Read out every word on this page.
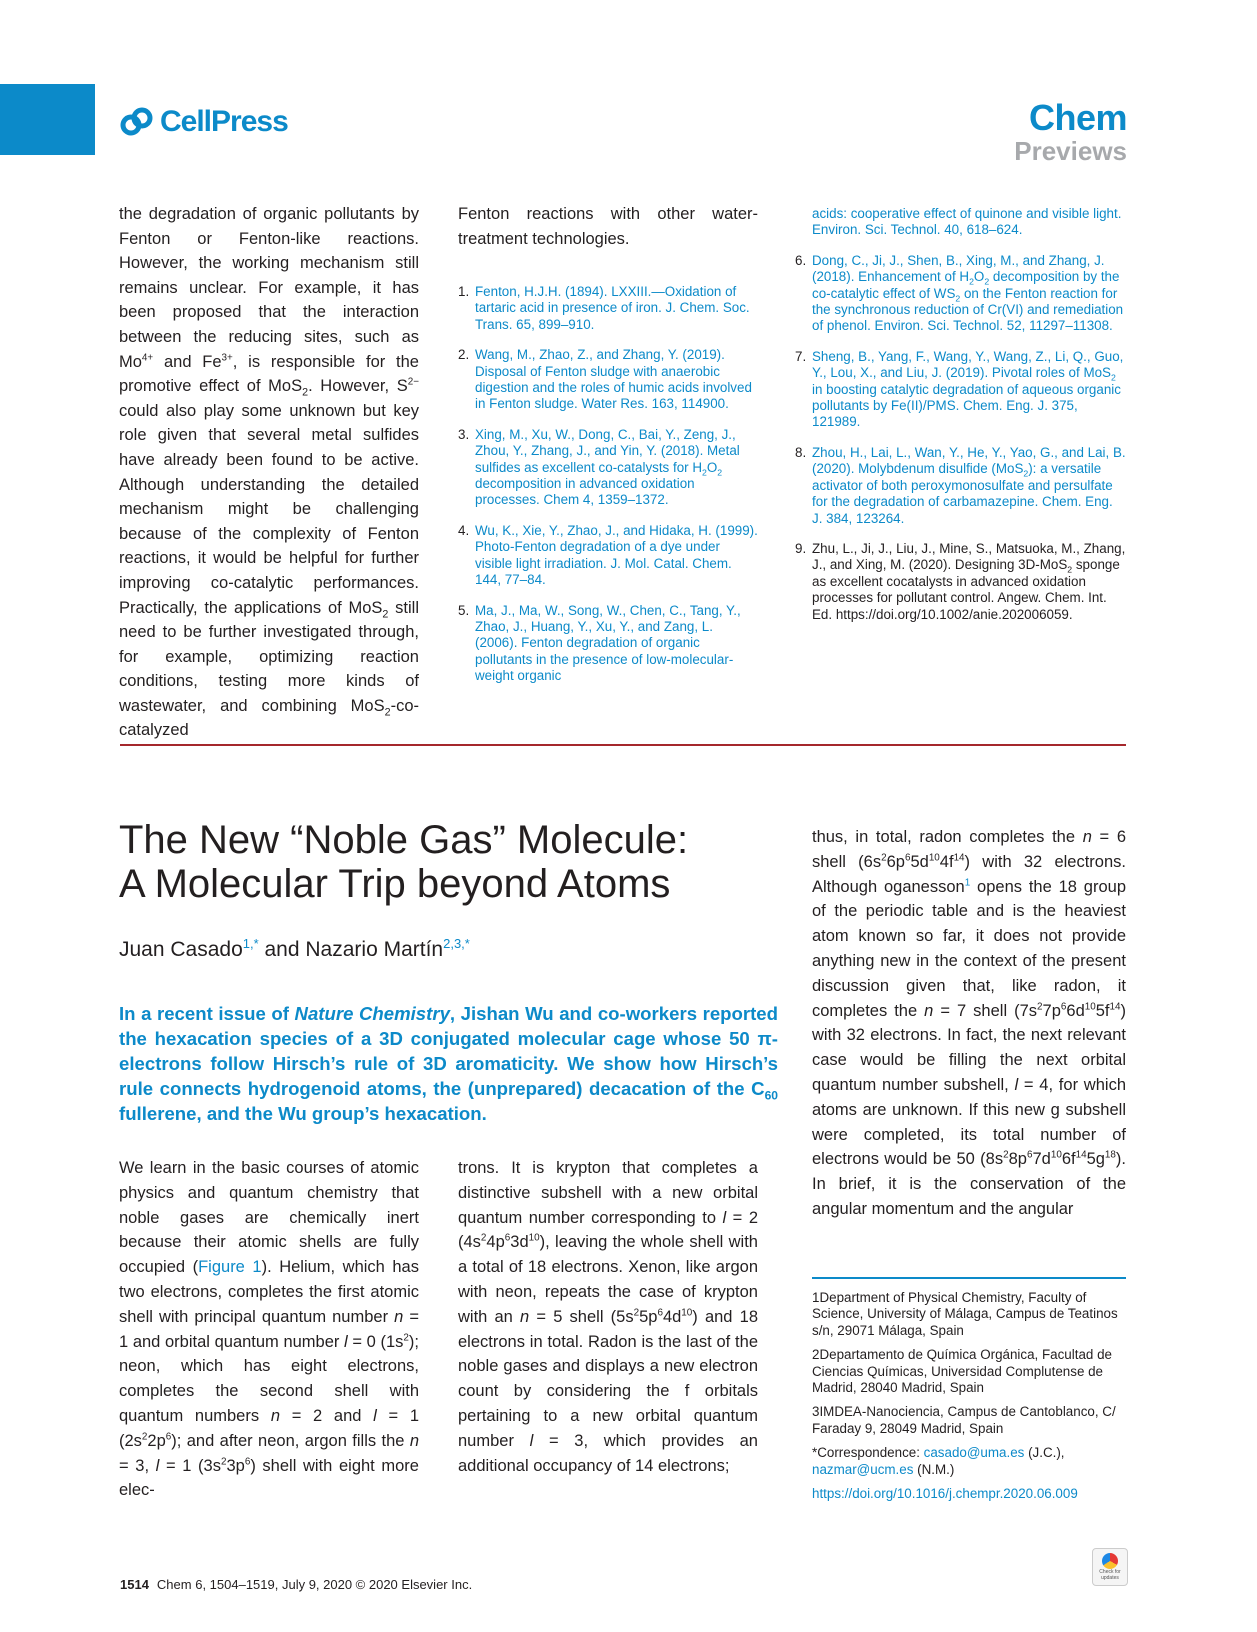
CellPress	Chem
Previews
the degradation of organic pollutants by Fenton or Fenton-like reactions. However, the working mechanism still remains unclear. For example, it has been proposed that the interaction between the reducing sites, such as $Mo^{4+}$ and $Fe^{3+}$, is responsible for the promotive effect of MoS$_2$. However, $S^{2-}$ could also play some unknown but key role given that several metal sulfides have already been found to be active. Although understanding the detailed mechanism might be challenging because of the complexity of Fenton reactions, it would be helpful for further improving co-catalytic performances. Practically, the applications of MoS$_2$ still need to be further investigated through, for example, optimizing reaction conditions, testing more kinds of wastewater, and combining MoS$_2$-co-catalyzed
Fenton reactions with other water-treatment technologies.
1. Fenton, H.J.H. (1894). LXXIII.—Oxidation of tartaric acid in presence of iron. J. Chem. Soc. Trans. 65, 899–910.
2. Wang, M., Zhao, Z., and Zhang, Y. (2019). Disposal of Fenton sludge with anaerobic digestion and the roles of humic acids involved in Fenton sludge. Water Res. 163, 114900.
3. Xing, M., Xu, W., Dong, C., Bai, Y., Zeng, J., Zhou, Y., Zhang, J., and Yin, Y. (2018). Metal sulfides as excellent co-catalysts for $H_2O_2$ decomposition in advanced oxidation processes. Chem 4, 1359–1372.
4. Wu, K., Xie, Y., Zhao, J., and Hidaka, H. (1999). Photo-Fenton degradation of a dye under visible light irradiation. J. Mol. Catal. Chem. 144, 77–84.
5. Ma, J., Ma, W., Song, W., Chen, C., Tang, Y., Zhao, J., Huang, Y., Xu, Y., and Zang, L. (2006). Fenton degradation of organic pollutants in the presence of low-molecular-weight organic
acids: cooperative effect of quinone and visible light. Environ. Sci. Technol. 40, 618–624.
6. Dong, C., Ji, J., Shen, B., Xing, M., and Zhang, J. (2018). Enhancement of $H_2O_2$ decomposition by the co-catalytic effect of $WS_2$ on the Fenton reaction for the synchronous reduction of Cr(VI) and remediation of phenol. Environ. Sci. Technol. 52, 11297–11308.
7. Sheng, B., Yang, F., Wang, Y., Wang, Z., Li, Q., Guo, Y., Lou, X., and Liu, J. (2019). Pivotal roles of MoS$_2$ in boosting catalytic degradation of aqueous organic pollutants by Fe(II)/PMS. Chem. Eng. J. 375, 121989.
8. Zhou, H., Lai, L., Wan, Y., He, Y., Yao, G., and Lai, B. (2020). Molybdenum disulfide (MoS$_2$): a versatile activator of both peroxymonosulfate and persulfate for the degradation of carbamazepine. Chem. Eng. J. 384, 123264.
9. Zhu, L., Ji, J., Liu, J., Mine, S., Matsuoka, M., Zhang, J., and Xing, M. (2020). Designing 3D-MoS$_2$ sponge as excellent cocatalysts in advanced oxidation processes for pollutant control. Angew. Chem. Int. Ed. https://doi.org/10.1002/anie.202006059.
The New “Noble Gas” Molecule:
A Molecular Trip beyond Atoms
Juan Casado$^{1,*}$ and Nazario Martín$^{2,3,*}$
In a recent issue of Nature Chemistry, Jishan Wu and co-workers reported the hexacation species of a 3D conjugated molecular cage whose 50 π-electrons follow Hirsch’s rule of 3D aromaticity. We show how Hirsch’s rule connects hydrogenoid atoms, the (unprepared) decacation of the $C_{60}$ fullerene, and the Wu group’s hexacation.
We learn in the basic courses of atomic physics and quantum chemistry that noble gases are chemically inert because their atomic shells are fully occupied (Figure 1). Helium, which has two electrons, completes the first atomic shell with principal quantum number n = 1 and orbital quantum number l = 0 $(1s^2)$; neon, which has eight electrons, completes the second shell with quantum numbers n = 2 and l = 1 $(2s^22p^6)$; and after neon, argon fills the n = 3, l = 1 $(3s^23p^6)$ shell with eight more elec-
trons. It is krypton that completes a distinctive subshell with a new orbital quantum number corresponding to l = 2 $(4s^24p^63d^{10})$, leaving the whole shell with a total of 18 electrons. Xenon, like argon with neon, repeats the case of krypton with an n = 5 shell $(5s^25p^64d^{10})$ and 18 electrons in total. Radon is the last of the noble gases and displays a new electron count by considering the f orbitals pertaining to a new orbital quantum number l = 3, which provides an additional occupancy of 14 electrons;
thus, in total, radon completes the n = 6 shell $(6s^26p^65d^{10}4f^{14})$ with 32 electrons. Although oganesson$^1$ opens the 18 group of the periodic table and is the heaviest atom known so far, it does not provide anything new in the context of the present discussion given that, like radon, it completes the n = 7 shell $(7s^27p^66d^{10}5f^{14})$ with 32 electrons. In fact, the next relevant case would be filling the next orbital quantum number subshell, l = 4, for which atoms are unknown. If this new g subshell were completed, its total number of electrons would be 50 $(8s^28p^67d^{10}6f^{14}5g^{18})$. In brief, it is the conservation of the angular momentum and the angular

1Department of Physical Chemistry, Faculty of Science, University of Málaga, Campus de Teatinos s/n, 29071 Málaga, Spain

2Departamento de Química Orgánica, Facultad de Ciencias Químicas, Universidad Complutense de Madrid, 28040 Madrid, Spain

3IMDEA-Nanociencia, Campus de Cantoblanco, C/ Faraday 9, 28049 Madrid, Spain

*Correspondence: casado@uma.es (J.C.),
nazmar@ucm.es (N.M.)

https://doi.org/10.1016/j.chempr.2020.06.009

1514 Chem 6, 1504–1519, July 9, 2020 © 2020 Elsevier Inc.
Check for updates
